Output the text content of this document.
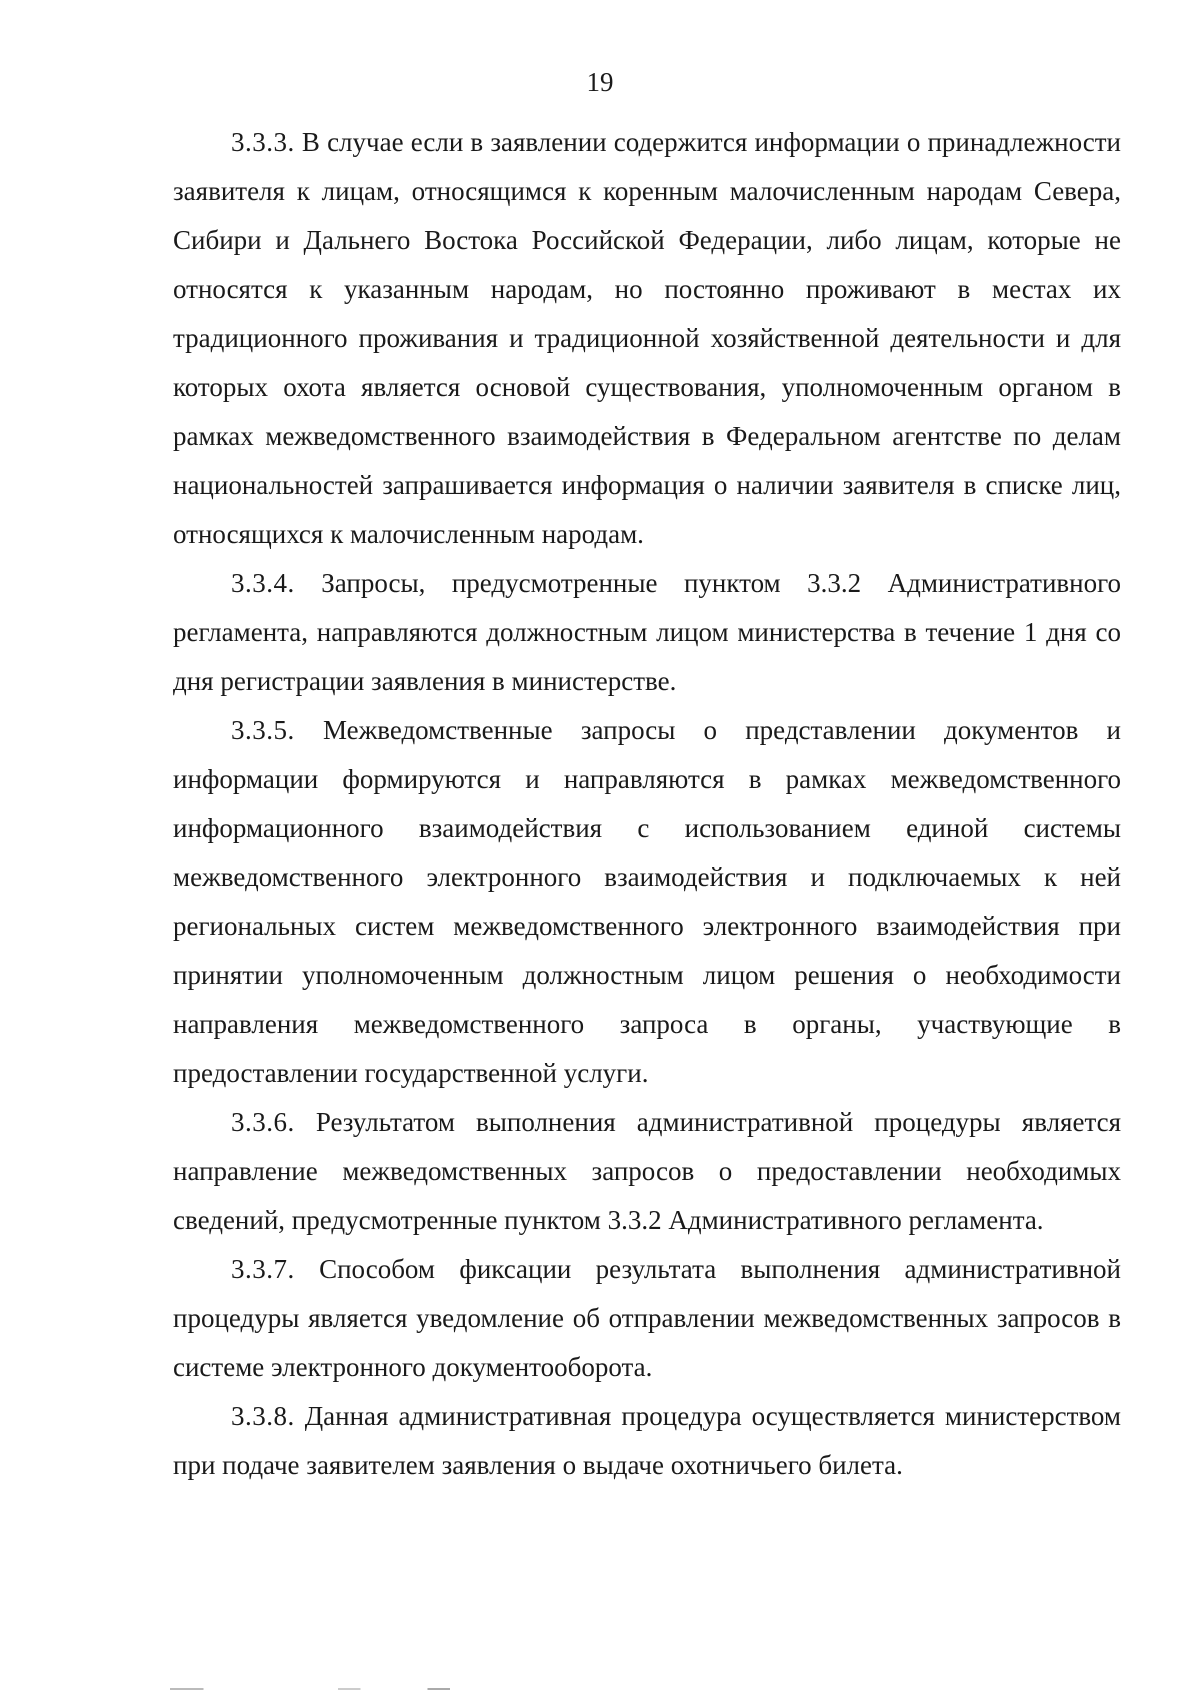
19

3.3.3. В случае если в заявлении содержится информации о принадлежности заявителя к лицам, относящимся к коренным малочисленным народам Севера, Сибири и Дальнего Востока Российской Федерации, либо лицам, которые не относятся к указанным народам, но постоянно проживают в местах их традиционного проживания и традиционной хозяйственной деятельности и для которых охота является основой существования, уполномоченным органом в рамках межведомственного взаимодействия в Федеральном агентстве по делам национальностей запрашивается информация о наличии заявителя в списке лиц, относящихся к малочисленным народам.

3.3.4. Запросы, предусмотренные пунктом 3.3.2 Административного регламента, направляются должностным лицом министерства в течение 1 дня со дня регистрации заявления в министерстве.

3.3.5. Межведомственные запросы о представлении документов и информации формируются и направляются в рамках межведомственного информационного взаимодействия с использованием единой системы межведомственного электронного взаимодействия и подключаемых к ней региональных систем межведомственного электронного взаимодействия при принятии уполномоченным должностным лицом решения о необходимости направления межведомственного запроса в органы, участвующие в предоставлении государственной услуги.

3.3.6. Результатом выполнения административной процедуры является направление межведомственных запросов о предоставлении необходимых сведений, предусмотренные пунктом 3.3.2 Административного регламента.

3.3.7. Способом фиксации результата выполнения административной процедуры является уведомление об отправлении межведомственных запросов в системе электронного документооборота.

3.3.8. Данная административная процедура осуществляется министерством при подаче заявителем заявления о выдаче охотничьего билета.
